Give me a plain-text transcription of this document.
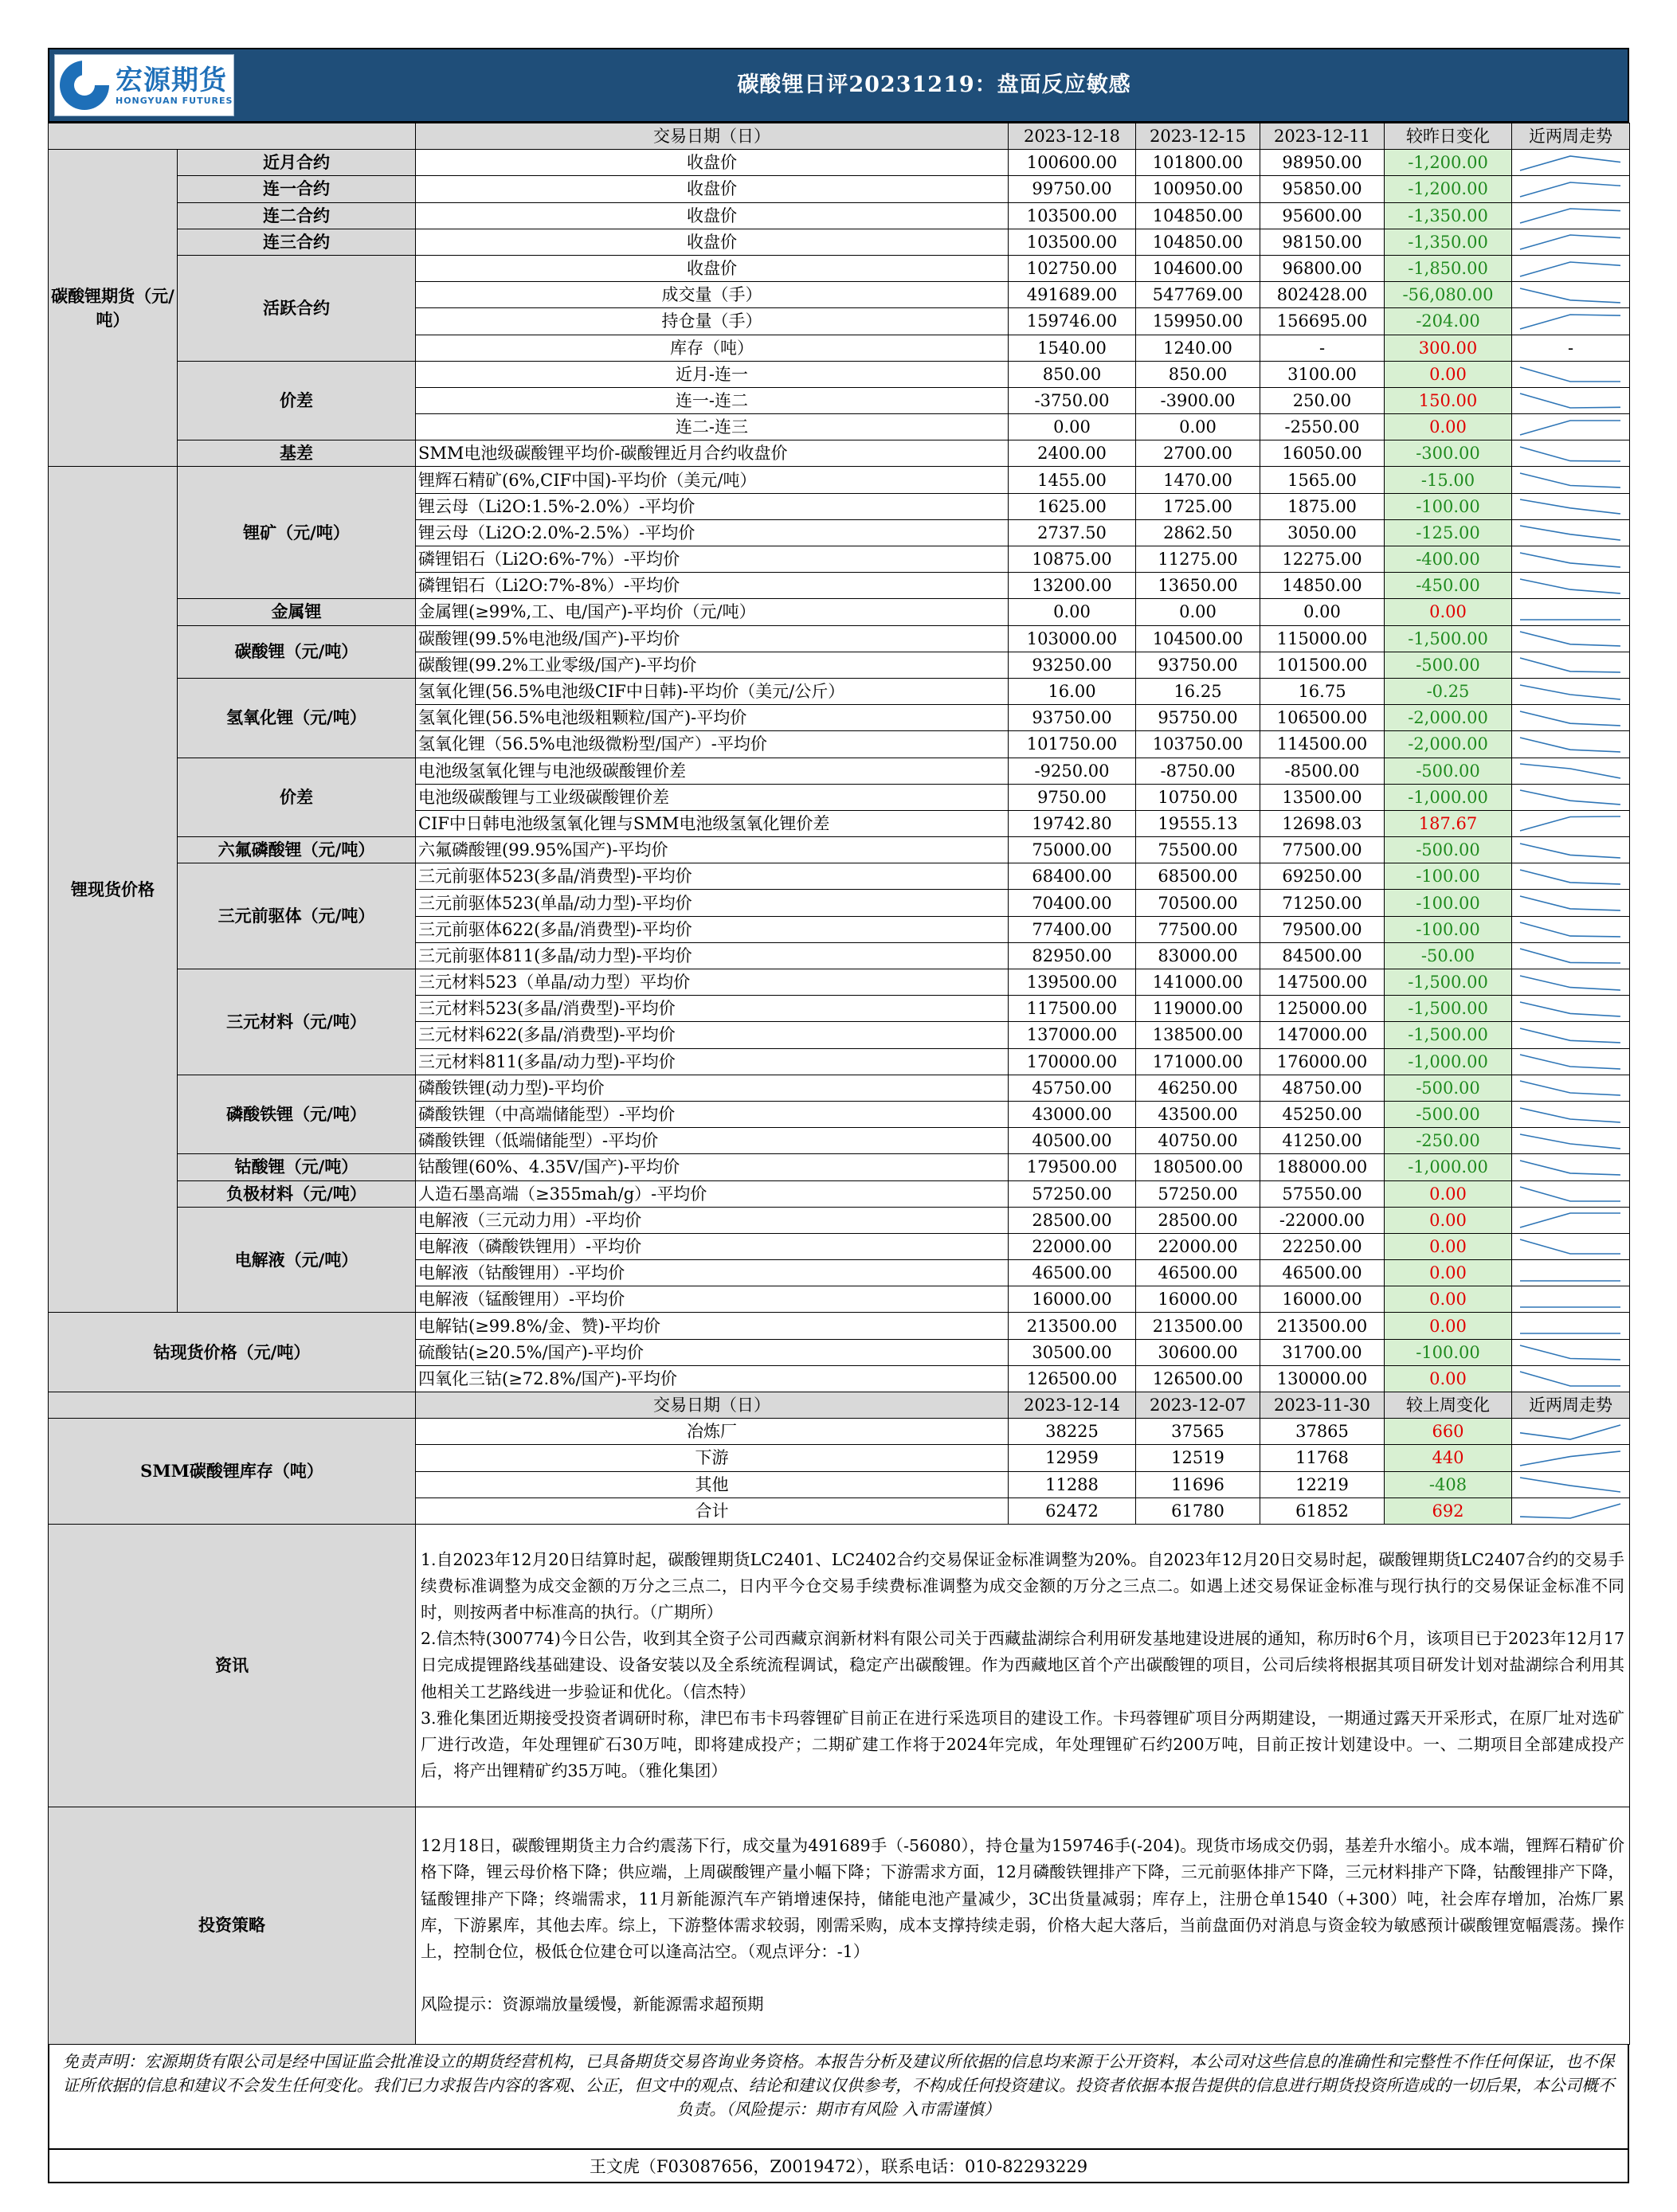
宏源期货
HONGYUAN FUTURES
碳酸锂日评20231219：盘面反应敏感
		交易日期（日）	2023-12-18	2023-12-15	2023-12-11	较昨日变化	近两周走势
碳酸锂期货（元/吨）	近月合约	收盘价	100600.00	101800.00	98950.00	-1,200.00	

	连一合约	收盘价	99750.00	100950.00	95850.00	-1,200.00	

	连二合约	收盘价	103500.00	104850.00	95600.00	-1,350.00	

	连三合约	收盘价	103500.00	104850.00	98150.00	-1,350.00	

	活跃合约	收盘价	102750.00	104600.00	96800.00	-1,850.00	

		成交量（手）	491689.00	547769.00	802428.00	-56,080.00	

		持仓量（手）	159746.00	159950.00	156695.00	-204.00	

		库存（吨）	1540.00	1240.00	-	300.00	-
	价差	近月-连一	850.00	850.00	3100.00	0.00	

		连一-连二	-3750.00	-3900.00	250.00	150.00	

		连二-连三	0.00	0.00	-2550.00	0.00	

	基差	SMM电池级碳酸锂平均价-碳酸锂近月合约收盘价	2400.00	2700.00	16050.00	-300.00	

锂现货价格	锂矿（元/吨）	锂辉石精矿(6%,CIF中国)-平均价（美元/吨）	1455.00	1470.00	1565.00	-15.00	

		锂云母（Li2O:1.5%-2.0%）-平均价	1625.00	1725.00	1875.00	-100.00	

		锂云母（Li2O:2.0%-2.5%）-平均价	2737.50	2862.50	3050.00	-125.00	

		磷锂铝石（Li2O:6%-7%）-平均价	10875.00	11275.00	12275.00	-400.00	

		磷锂铝石（Li2O:7%-8%）-平均价	13200.00	13650.00	14850.00	-450.00	

	金属锂	金属锂(≥99%,工、电/国产)-平均价（元/吨）	0.00	0.00	0.00	0.00	

	碳酸锂（元/吨）	碳酸锂(99.5%电池级/国产)-平均价	103000.00	104500.00	115000.00	-1,500.00	

		碳酸锂(99.2%工业零级/国产)-平均价	93250.00	93750.00	101500.00	-500.00	

	氢氧化锂（元/吨）	氢氧化锂(56.5%电池级CIF中日韩)-平均价（美元/公斤）	16.00	16.25	16.75	-0.25	

		氢氧化锂(56.5%电池级粗颗粒/国产)-平均价	93750.00	95750.00	106500.00	-2,000.00	

		氢氧化锂（56.5%电池级微粉型/国产）-平均价	101750.00	103750.00	114500.00	-2,000.00	

	价差	电池级氢氧化锂与电池级碳酸锂价差	-9250.00	-8750.00	-8500.00	-500.00	

		电池级碳酸锂与工业级碳酸锂价差	9750.00	10750.00	13500.00	-1,000.00	

		CIF中日韩电池级氢氧化锂与SMM电池级氢氧化锂价差	19742.80	19555.13	12698.03	187.67	

	六氟磷酸锂（元/吨）	六氟磷酸锂(99.95%国产)-平均价	75000.00	75500.00	77500.00	-500.00	

	三元前驱体（元/吨）	三元前驱体523(多晶/消费型)-平均价	68400.00	68500.00	69250.00	-100.00	

		三元前驱体523(单晶/动力型)-平均价	70400.00	70500.00	71250.00	-100.00	

		三元前驱体622(多晶/消费型)-平均价	77400.00	77500.00	79500.00	-100.00	

		三元前驱体811(多晶/动力型)-平均价	82950.00	83000.00	84500.00	-50.00	

	三元材料（元/吨）	三元材料523（单晶/动力型）平均价	139500.00	141000.00	147500.00	-1,500.00	

		三元材料523(多晶/消费型)-平均价	117500.00	119000.00	125000.00	-1,500.00	

		三元材料622(多晶/消费型)-平均价	137000.00	138500.00	147000.00	-1,500.00	

		三元材料811(多晶/动力型)-平均价	170000.00	171000.00	176000.00	-1,000.00	

	磷酸铁锂（元/吨）	磷酸铁锂(动力型)-平均价	45750.00	46250.00	48750.00	-500.00	

		磷酸铁锂（中高端储能型）-平均价	43000.00	43500.00	45250.00	-500.00	

		磷酸铁锂（低端储能型）-平均价	40500.00	40750.00	41250.00	-250.00	

	钴酸锂（元/吨）	钴酸锂(60%、4.35V/国产)-平均价	179500.00	180500.00	188000.00	-1,000.00	

	负极材料（元/吨）	人造石墨高端（≥355mah/g）-平均价	57250.00	57250.00	57550.00	0.00	

	电解液（元/吨）	电解液（三元动力用）-平均价	28500.00	28500.00	-22000.00	0.00	

		电解液（磷酸铁锂用）-平均价	22000.00	22000.00	22250.00	0.00	

		电解液（钴酸锂用）-平均价	46500.00	46500.00	46500.00	0.00	

		电解液（锰酸锂用）-平均价	16000.00	16000.00	16000.00	0.00	

钴现货价格（元/吨）		电解钴(≥99.8%/金、赞)-平均价	213500.00	213500.00	213500.00	0.00	

		硫酸钴(≥20.5%/国产)-平均价	30500.00	30600.00	31700.00	-100.00	

		四氧化三钴(≥72.8%/国产)-平均价	126500.00	126500.00	130000.00	0.00	

		交易日期（日）	2023-12-14	2023-12-07	2023-11-30	较上周变化	近两周走势
SMM碳酸锂库存（吨）		冶炼厂	38225	37565	37865	660	

		下游	12959	12519	11768	440	

		其他	11288	11696	12219	-408	

		合计	62472	61780	61852	692	

资讯		1.自2023年12月20日结算时起，碳酸锂期货LC2401、LC2402合约交易保证金标准调整为20%。自2023年12月20日交易时起，碳酸锂期货LC2407合约的交易手续费标准调整为成交金额的万分之三点二，日内平今仓交易手续费标准调整为成交金额的万分之三点二。如遇上述交易保证金标准与现行执行的交易保证金标准不同时，则按两者中标准高的执行。（广期所）

2.信杰特(300774)今日公告，收到其全资子公司西藏京润新材料有限公司关于西藏盐湖综合利用研发基地建设进展的通知，称历时6个月，该项目已于2023年12月17日完成提锂路线基础建设、设备安装以及全系统流程调试，稳定产出碳酸锂。作为西藏地区首个产出碳酸锂的项目，公司后续将根据其项目研发计划对盐湖综合利用其他相关工艺路线进一步验证和优化。（信杰特）

3.雅化集团近期接受投资者调研时称，津巴布韦卡玛蓉锂矿目前正在进行采选项目的建设工作。卡玛蓉锂矿项目分两期建设，一期通过露天开采形式，在原厂址对选矿厂进行改造，年处理锂矿石30万吨，即将建成投产；二期矿建工作将于2024年完成，年处理锂矿石约200万吨，目前正按计划建设中。一、二期项目全部建成投产后，将产出锂精矿约35万吨。（雅化集团）					

投资策略		12月18日，碳酸锂期货主力合约震荡下行，成交量为491689手（-56080），持仓量为159746手(-204)。现货市场成交仍弱，基差升水缩小。成本端，锂辉石精矿价格下降，锂云母价格下降；供应端，上周碳酸锂产量小幅下降；下游需求方面，12月磷酸铁锂排产下降，三元前驱体排产下降，三元材料排产下降，钴酸锂排产下降，锰酸锂排产下降；终端需求，11月新能源汽车产销增速保持，储能电池产量减少，3C出货量减弱；库存上，注册仓单1540（+300）吨，社会库存增加，冶炼厂累库，下游累库，其他去库。综上，下游整体需求较弱，刚需采购，成本支撑持续走弱，价格大起大落后，当前盘面仍对消息与资金较为敏感预计碳酸锂宽幅震荡。操作上，控制仓位，极低仓位建仓可以逢高沽空。（观点评分：-1）

风险提示：资源端放量缓慢，新能源需求超预期					

免责声明：宏源期货有限公司是经中国证监会批准设立的期货经营机构，已具备期货交易咨询业务资格。本报告分析及建议所依据的信息均来源于公开资料，本公司对这些信息的准确性和完整性不作任何保证，也不保证所依据的信息和建议不会发生任何变化。我们已力求报告内容的客观、公正，但文中的观点、结论和建议仅供参考，不构成任何投资建议。投资者依据本报告提供的信息进行期货投资所造成的一切后果，本公司概不负责。（风险提示：期市有风险 入市需谨慎）
王文虎（F03087656，Z0019472），联系电话：010-82293229
